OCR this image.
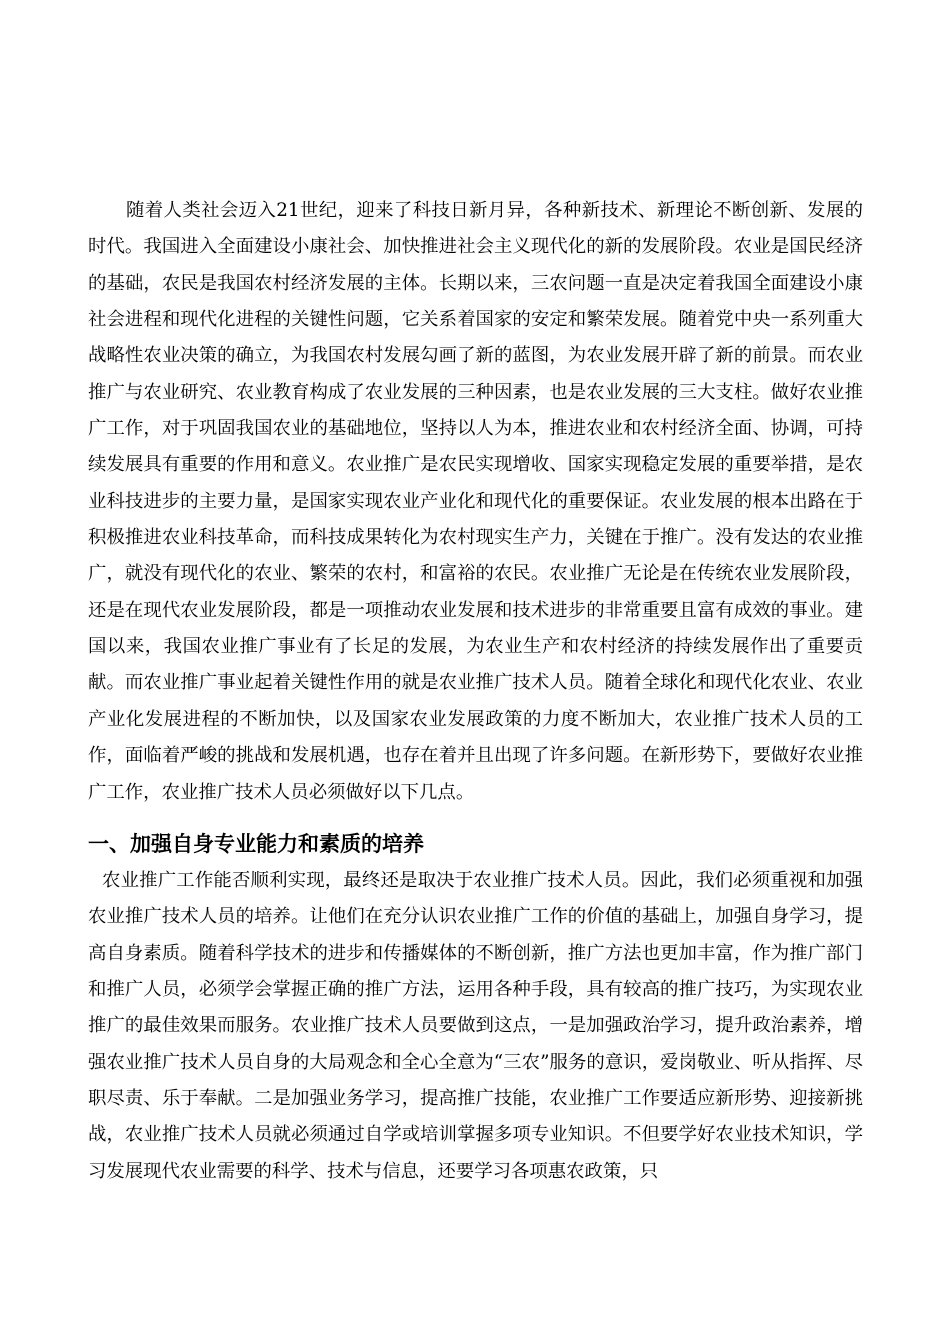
随着人类社会迈入21世纪，迎来了科技日新月异，各种新技术、新理论不断创新、发展的时代。我国进入全面建设小康社会、加快推进社会主义现代化的新的发展阶段。农业是国民经济的基础，农民是我国农村经济发展的主体。长期以来，三农问题一直是决定着我国全面建设小康社会进程和现代化进程的关键性问题，它关系着国家的安定和繁荣发展。随着党中央一系列重大战略性农业决策的确立，为我国农村发展勾画了新的蓝图，为农业发展开辟了新的前景。而农业推广与农业研究、农业教育构成了农业发展的三种因素，也是农业发展的三大支柱。做好农业推广工作，对于巩固我国农业的基础地位，坚持以人为本，推进农业和农村经济全面、协调，可持续发展具有重要的作用和意义。农业推广是农民实现增收、国家实现稳定发展的重要举措，是农业科技进步的主要力量，是国家实现农业产业化和现代化的重要保证。农业发展的根本出路在于积极推进农业科技革命，而科技成果转化为农村现实生产力，关键在于推广。没有发达的农业推广，就没有现代化的农业、繁荣的农村，和富裕的农民。农业推广无论是在传统农业发展阶段，还是在现代农业发展阶段，都是一项推动农业发展和技术进步的非常重要且富有成效的事业。建国以来，我国农业推广事业有了长足的发展，为农业生产和农村经济的持续发展作出了重要贡献。而农业推广事业起着关键性作用的就是农业推广技术人员。随着全球化和现代化农业、农业产业化发展进程的不断加快，以及国家农业发展政策的力度不断加大，农业推广技术人员的工作，面临着严峻的挑战和发展机遇，也存在着并且出现了许多问题。在新形势下，要做好农业推广工作，农业推广技术人员必须做好以下几点。

一、加强自身专业能力和素质的培养

农业推广工作能否顺利实现，最终还是取决于农业推广技术人员。因此，我们必须重视和加强农业推广技术人员的培养。让他们在充分认识农业推广工作的价值的基础上，加强自身学习，提高自身素质。随着科学技术的进步和传播媒体的不断创新，推广方法也更加丰富，作为推广部门和推广人员，必须学会掌握正确的推广方法，运用各种手段，具有较高的推广技巧，为实现农业推广的最佳效果而服务。农业推广技术人员要做到这点，一是加强政治学习，提升政治素养，增强农业推广技术人员自身的大局观念和全心全意为“三农”服务的意识，爱岗敬业、听从指挥、尽职尽责、乐于奉献。二是加强业务学习，提高推广技能，农业推广工作要适应新形势、迎接新挑战，农业推广技术人员就必须通过自学或培训掌握多项专业知识。不但要学好农业技术知识，学习发展现代农业需要的科学、技术与信息，还要学习各项惠农政策，只
